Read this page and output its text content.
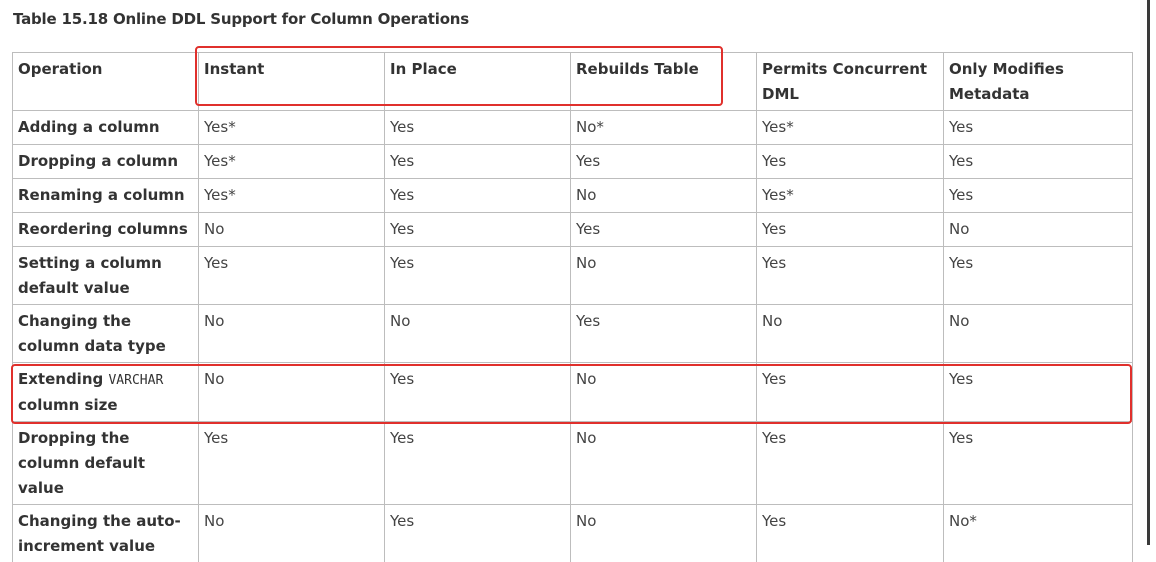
Table 15.18 Online DDL Support for Column Operations
Operation	Instant	In Place	Rebuilds Table	Permits Concurrent DML	Only Modifies Metadata
Adding a column	Yes*	Yes	No*	Yes*	Yes
Dropping a column	Yes*	Yes	Yes	Yes	Yes
Renaming a column	Yes*	Yes	No	Yes*	Yes
Reordering columns	No	Yes	Yes	Yes	No
Setting a column default value	Yes	Yes	No	Yes	Yes
Changing the column data type	No	No	Yes	No	No
Extending VARCHAR
column size	No	Yes	No	Yes	Yes
Dropping the column default value	Yes	Yes	No	Yes	Yes
Changing the auto-increment value	No	Yes	No	Yes	No*
